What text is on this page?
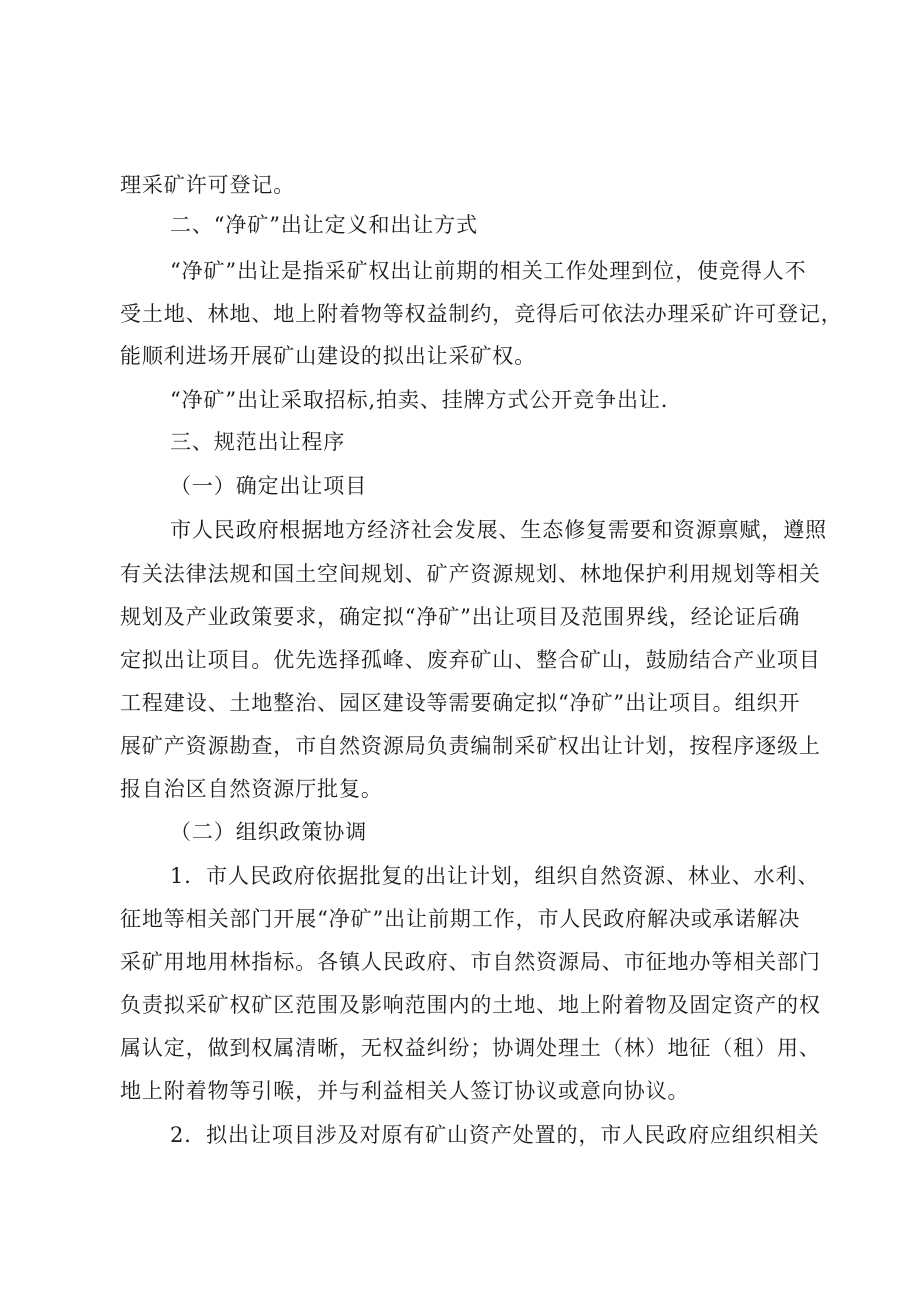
理采矿许可登记。
二、“净矿”出让定义和出让方式
“净矿”出让是指采矿权出让前期的相关工作处理到位，使竞得人不
受土地、林地、地上附着物等权益制约，竞得后可依法办理采矿许可登记，
能顺利进场开展矿山建设的拟出让采矿权。
“净矿”出让采取招标,拍卖、挂牌方式公开竞争出让.
三、规范出让程序
（一）确定出让项目
市人民政府根据地方经济社会发展、生态修复需要和资源禀赋，遵照
有关法律法规和国土空间规划、矿产资源规划、林地保护利用规划等相关
规划及产业政策要求，确定拟“净矿”出让项目及范围界线，经论证后确
定拟出让项目。优先选择孤峰、废弃矿山、整合矿山，鼓励结合产业项目
工程建设、土地整治、园区建设等需要确定拟“净矿”出让项目。组织开
展矿产资源勘查，市自然资源局负责编制采矿权出让计划，按程序逐级上
报自治区自然资源厅批复。
（二）组织政策协调
1．市人民政府依据批复的出让计划，组织自然资源、林业、水利、
征地等相关部门开展“净矿”出让前期工作，市人民政府解决或承诺解决
采矿用地用林指标。各镇人民政府、市自然资源局、市征地办等相关部门
负责拟采矿权矿区范围及影响范围内的土地、地上附着物及固定资产的权
属认定，做到权属清晰，无权益纠纷；协调处理土（林）地征（租）用、
地上附着物等引喉，并与利益相关人签订协议或意向协议。
2．拟出让项目涉及对原有矿山资产处置的，市人民政府应组织相关
